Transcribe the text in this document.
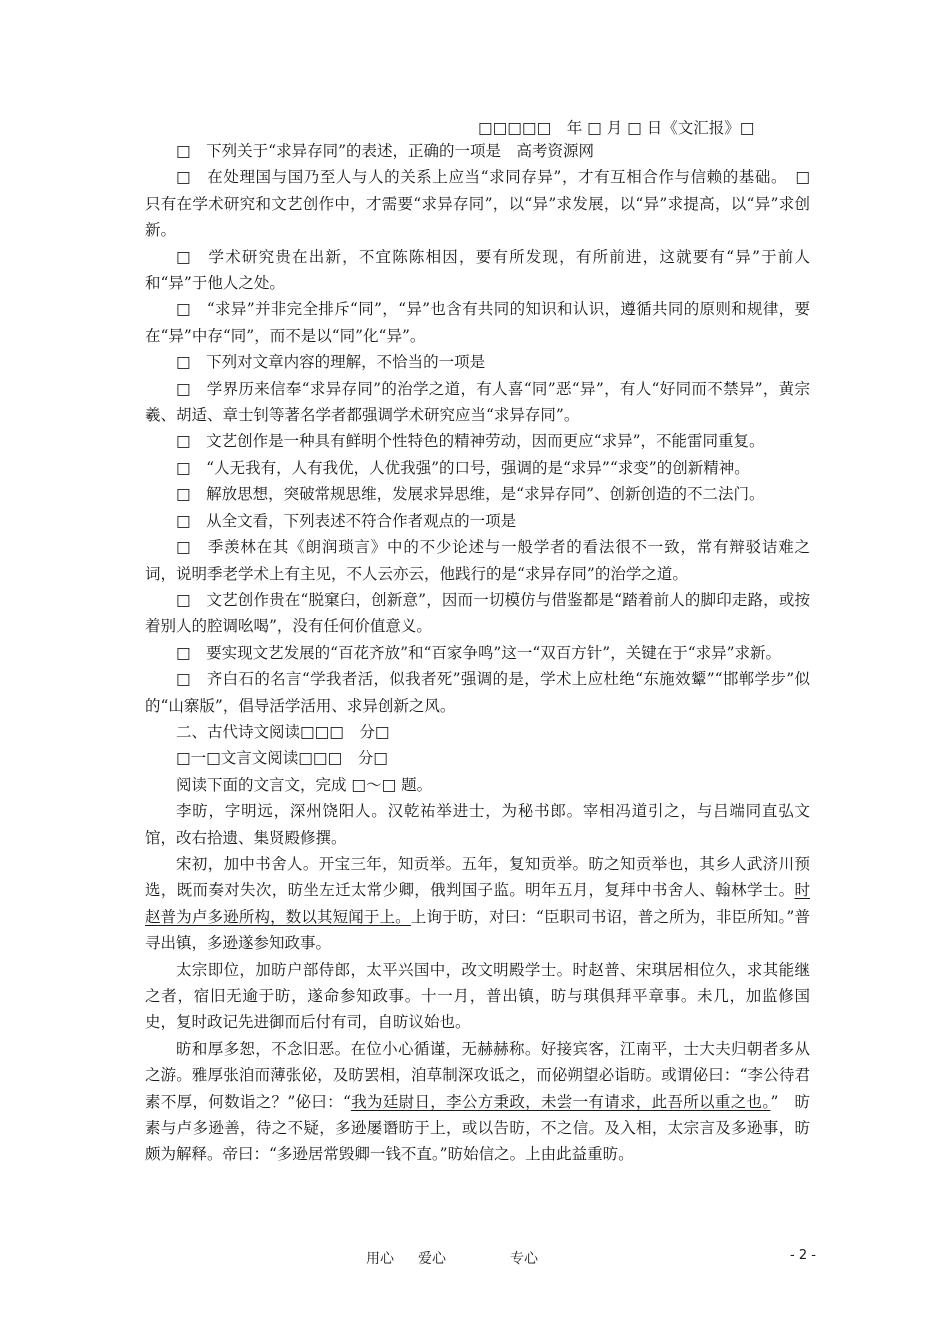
□□□□□　年 □ 月 □ 日《文汇报》□

□　下列关于“求异存同”的表述，正确的一项是　高考资源网

□　在处理国与国乃至人与人的关系上应当“求同存异”，才有互相合作与信赖的基础。　□　只有在学术研究和文艺创作中，才需要“求异存同”，以“异”求发展，以“异”求提高，以“异”求创新。

□　学术研究贵在出新，不宜陈陈相因，要有所发现，有所前进，这就要有“异”于前人和“异”于他人之处。

□　“求异”并非完全排斥“同”，“异”也含有共同的知识和认识，遵循共同的原则和规律，要在“异”中存“同”，而不是以“同”化“异”。

□　下列对文章内容的理解，不恰当的一项是

□　学界历来信奉“求异存同”的治学之道，有人喜“同”恶“异”，有人“好同而不禁异”，黄宗羲、胡适、章士钊等著名学者都强调学术研究应当“求异存同”。

□　文艺创作是一种具有鲜明个性特色的精神劳动，因而更应“求异”，不能雷同重复。

□　“人无我有，人有我优，人优我强”的口号，强调的是“求异”“求变”的创新精神。

□　解放思想，突破常规思维，发展求异思维，是“求异存同”、创新创造的不二法门。

□　从全文看，下列表述不符合作者观点的一项是

□　季羡林在其《朗润琐言》中的不少论述与一般学者的看法很不一致，常有辩驳诘难之词，说明季老学术上有主见，不人云亦云，他践行的是“求异存同”的治学之道。

□　文艺创作贵在“脱窠臼，创新意”，因而一切模仿与借鉴都是“踏着前人的脚印走路，或按着别人的腔调吆喝”，没有任何价值意义。

□　要实现文艺发展的“百花齐放”和“百家争鸣”这一“双百方针”，关键在于“求异”求新。

□　齐白石的名言“学我者活，似我者死”强调的是，学术上应杜绝“东施效颦”“邯郸学步”似的“山寨版”，倡导活学活用、求异创新之风。

二、古代诗文阅读□□□　分□

□一□文言文阅读□□□　分□

阅读下面的文言文，完成 □～□ 题。

李昉，字明远，深州饶阳人。汉乾祐举进士，为秘书郎。宰相冯道引之，与吕端同直弘文馆，改右拾遗、集贤殿修撰。

宋初，加中书舍人。开宝三年，知贡举。五年，复知贡举。昉之知贡举也，其乡人武济川预选，既而奏对失次，昉坐左迁太常少卿，俄判国子监。明年五月，复拜中书舍人、翰林学士。时赵普为卢多逊所构，数以其短闻于上。上询于昉，对曰：“臣职司书诏，普之所为，非臣所知。”普寻出镇，多逊遂参知政事。

太宗即位，加昉户部侍郎，太平兴国中，改文明殿学士。时赵普、宋琪居相位久，求其能继之者，宿旧无逾于昉，遂命参知政事。十一月，普出镇，昉与琪俱拜平章事。未几，加监修国史，复时政记先进御而后付有司，自昉议始也。

昉和厚多恕，不念旧恶。在位小心循谨，无赫赫称。好接宾客，江南平，士大夫归朝者多从之游。雅厚张洎而薄张佖，及昉罢相，洎草制深攻诋之，而佖朔望必诣昉。或谓佖曰：“李公待君素不厚，何数诣之？”佖曰：“我为廷尉日，李公方秉政，未尝一有请求，此吾所以重之也。”　昉素与卢多逊善，待之不疑，多逊屡谮昉于上，或以告昉，不之信。及入相，太宗言及多逊事，昉颇为解释。帝曰：“多逊居常毁卿一钱不直。”昉始信之。上由此益重昉。

用心 爱心	专心	- 2 -
